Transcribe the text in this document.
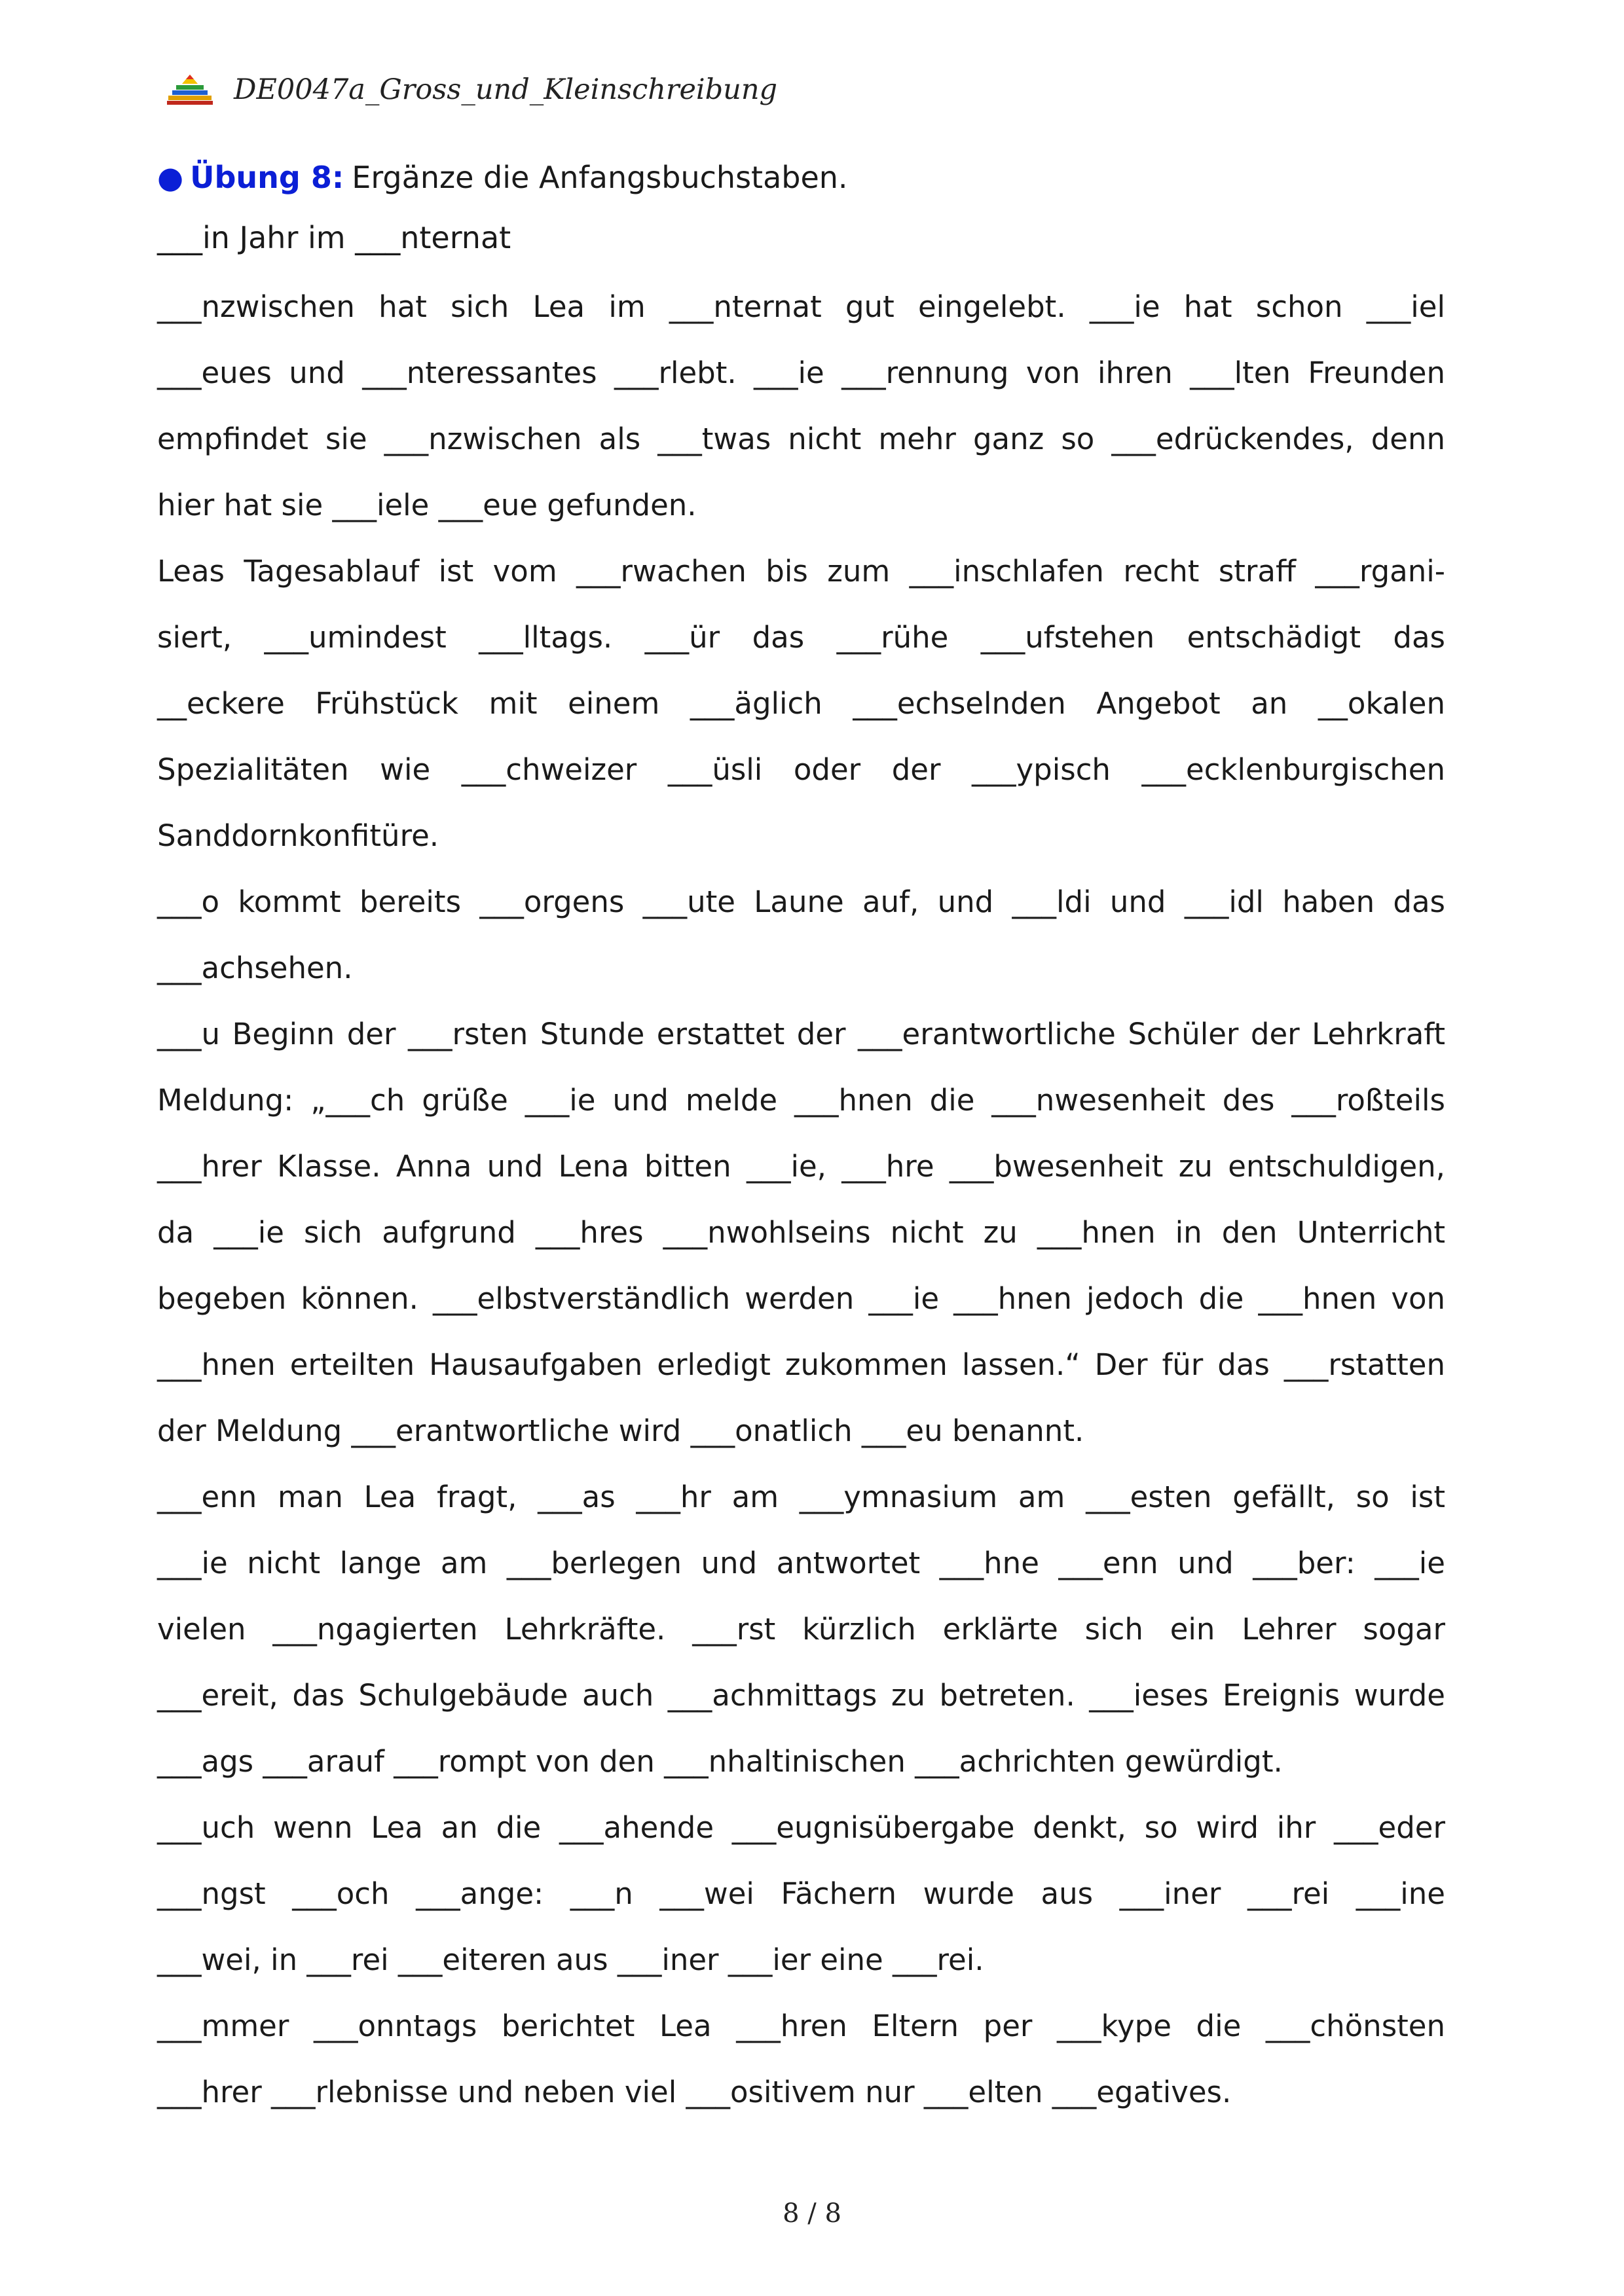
DE0047a_Gross_und_Kleinschreibung
● Übung 8: Ergänze die Anfangsbuchstaben.
___in Jahr im ___nternat
___nzwischen hat sich Lea im ___nternat gut eingelebt. ___ie hat schon ___iel
___eues und ___nteressantes ___rlebt. ___ie ___rennung von ihren ___lten Freunden
empfindet sie ___nzwischen als ___twas nicht mehr ganz so ___edrückendes, denn
hier hat sie ___iele ___eue gefunden.
Leas Tagesablauf ist vom ___rwachen bis zum ___inschlafen recht straff ___rgani-
siert, ___umindest ___lltags. ___ür das ___rühe ___ufstehen entschädigt das
__eckere Frühstück mit einem ___äglich ___echselnden Angebot an __okalen
Spezialitäten wie ___chweizer ___üsli oder der ___ypisch ___ecklenburgischen
Sanddornkonfitüre.
___o kommt bereits ___orgens ___ute Laune auf, und ___ldi und ___idl haben das
___achsehen.
___u Beginn der ___rsten Stunde erstattet der ___erantwortliche Schüler der Lehrkraft
Meldung: „___ch grüße ___ie und melde ___hnen die ___nwesenheit des ___roßteils
___hrer Klasse. Anna und Lena bitten ___ie, ___hre ___bwesenheit zu entschuldigen,
da ___ie sich aufgrund ___hres ___nwohlseins nicht zu ___hnen in den Unterricht
begeben können. ___elbstverständlich werden ___ie ___hnen jedoch die ___hnen von
___hnen erteilten Hausaufgaben erledigt zukommen lassen.“ Der für das ___rstatten
der Meldung ___erantwortliche wird ___onatlich ___eu benannt.
___enn man Lea fragt, ___as ___hr am ___ymnasium am ___esten gefällt, so ist
___ie nicht lange am ___berlegen und antwortet ___hne ___enn und ___ber: ___ie
vielen ___ngagierten Lehrkräfte. ___rst kürzlich erklärte sich ein Lehrer sogar
___ereit, das Schulgebäude auch ___achmittags zu betreten. ___ieses Ereignis wurde
___ags ___arauf ___rompt von den ___nhaltinischen ___achrichten gewürdigt.
___uch wenn Lea an die ___ahende ___eugnisübergabe denkt, so wird ihr ___eder
___ngst ___och ___ange: ___n ___wei Fächern wurde aus ___iner ___rei ___ine
___wei, in ___rei ___eiteren aus ___iner ___ier eine ___rei.
___mmer ___onntags berichtet Lea ___hren Eltern per ___kype die ___chönsten
___hrer ___rlebnisse und neben viel ___ositivem nur ___elten ___egatives.
8 / 8
